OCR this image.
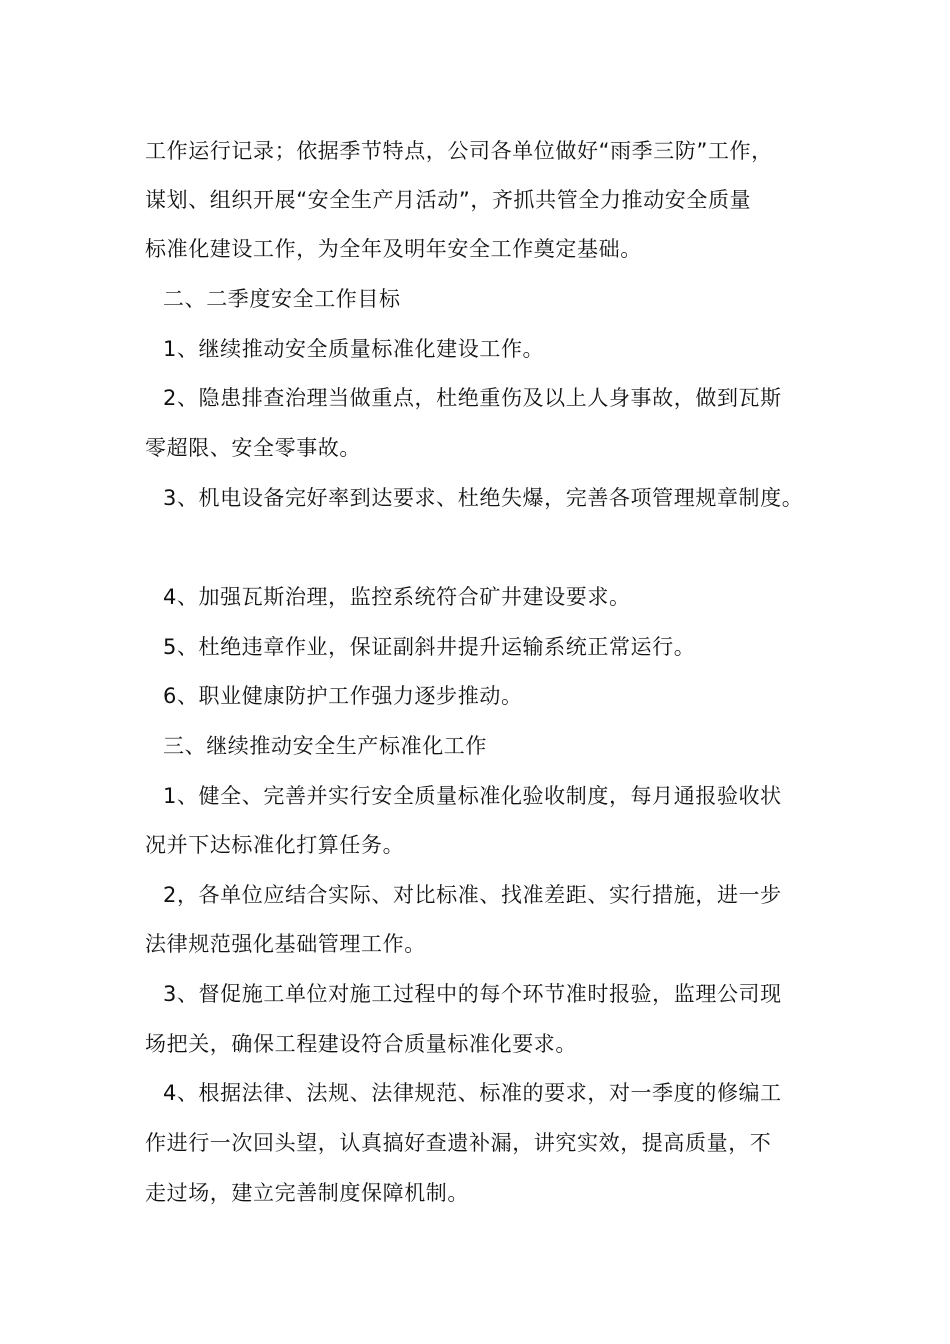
工作运行记录；依据季节特点，公司各单位做好“雨季三防”工作，
谋划、组织开展“安全生产月活动”，齐抓共管全力推动安全质量
标准化建设工作，为全年及明年安全工作奠定基础。
二、二季度安全工作目标
1、继续推动安全质量标准化建设工作。
2、隐患排查治理当做重点，杜绝重伤及以上人身事故，做到瓦斯
零超限、安全零事故。
3、机电设备完好率到达要求、杜绝失爆，完善各项管理规章制度。
4、加强瓦斯治理，监控系统符合矿井建设要求。
5、杜绝违章作业，保证副斜井提升运输系统正常运行。
6、职业健康防护工作强力逐步推动。
三、继续推动安全生产标准化工作
1、健全、完善并实行安全质量标准化验收制度，每月通报验收状
况并下达标准化打算任务。
2，各单位应结合实际、对比标准、找准差距、实行措施，进一步
法律规范强化基础管理工作。
3、督促施工单位对施工过程中的每个环节准时报验，监理公司现
场把关，确保工程建设符合质量标准化要求。
4、根据法律、法规、法律规范、标准的要求，对一季度的修编工
作进行一次回头望，认真搞好查遗补漏，讲究实效，提高质量，不
走过场，建立完善制度保障机制。
